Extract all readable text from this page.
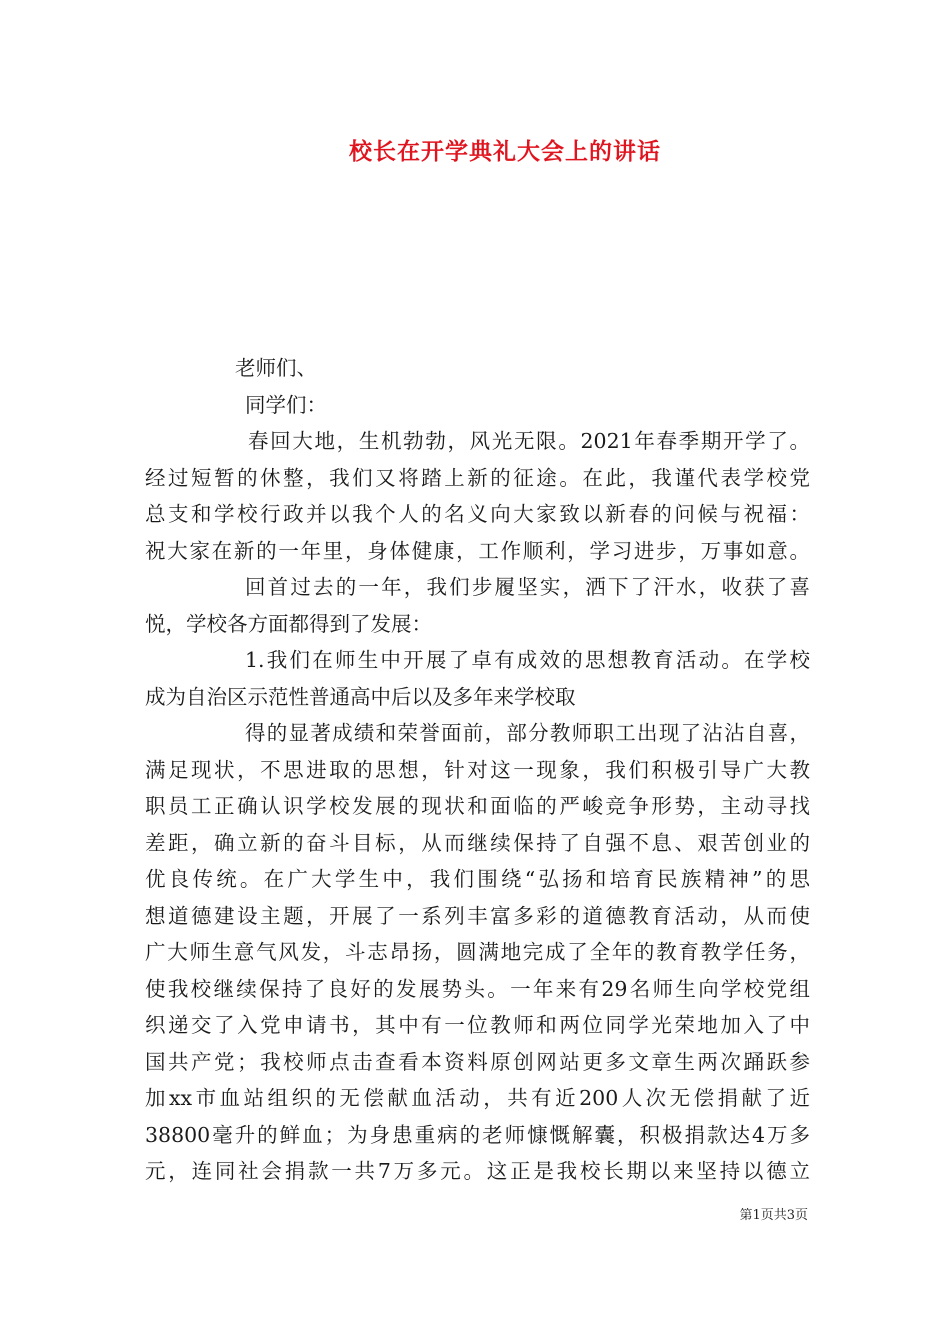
校长在开学典礼大会上的讲话
老师们、
同学们：
春回大地，生机勃勃，风光无限。2021年春季期开学了。
经过短暂的休整，我们又将踏上新的征途。在此，我谨代表学校党
总支和学校行政并以我个人的名义向大家致以新春的问候与祝福：
祝大家在新的一年里，身体健康，工作顺利，学习进步，万事如意。
回首过去的一年，我们步履坚实，洒下了汗水，收获了喜
悦，学校各方面都得到了发展：
1.我们在师生中开展了卓有成效的思想教育活动。在学校
成为自治区示范性普通高中后以及多年来学校取
得的显著成绩和荣誉面前，部分教师职工出现了沾沾自喜，
满足现状，不思进取的思想，针对这一现象，我们积极引导广大教
职员工正确认识学校发展的现状和面临的严峻竞争形势，主动寻找
差距，确立新的奋斗目标，从而继续保持了自强不息、艰苦创业的
优良传统。在广大学生中，我们围绕“弘扬和培育民族精神”的思
想道德建设主题，开展了一系列丰富多彩的道德教育活动，从而使
广大师生意气风发，斗志昂扬，圆满地完成了全年的教育教学任务，
使我校继续保持了良好的发展势头。一年来有29名师生向学校党组
织递交了入党申请书，其中有一位教师和两位同学光荣地加入了中
国共产党；我校师点击查看本资料原创网站更多文章生两次踊跃参
加xx市血站组织的无偿献血活动，共有近200人次无偿捐献了近
38800毫升的鲜血；为身患重病的老师慷慨解囊，积极捐款达4万多
元，连同社会捐款一共7万多元。这正是我校长期以来坚持以德立
第1页共3页
